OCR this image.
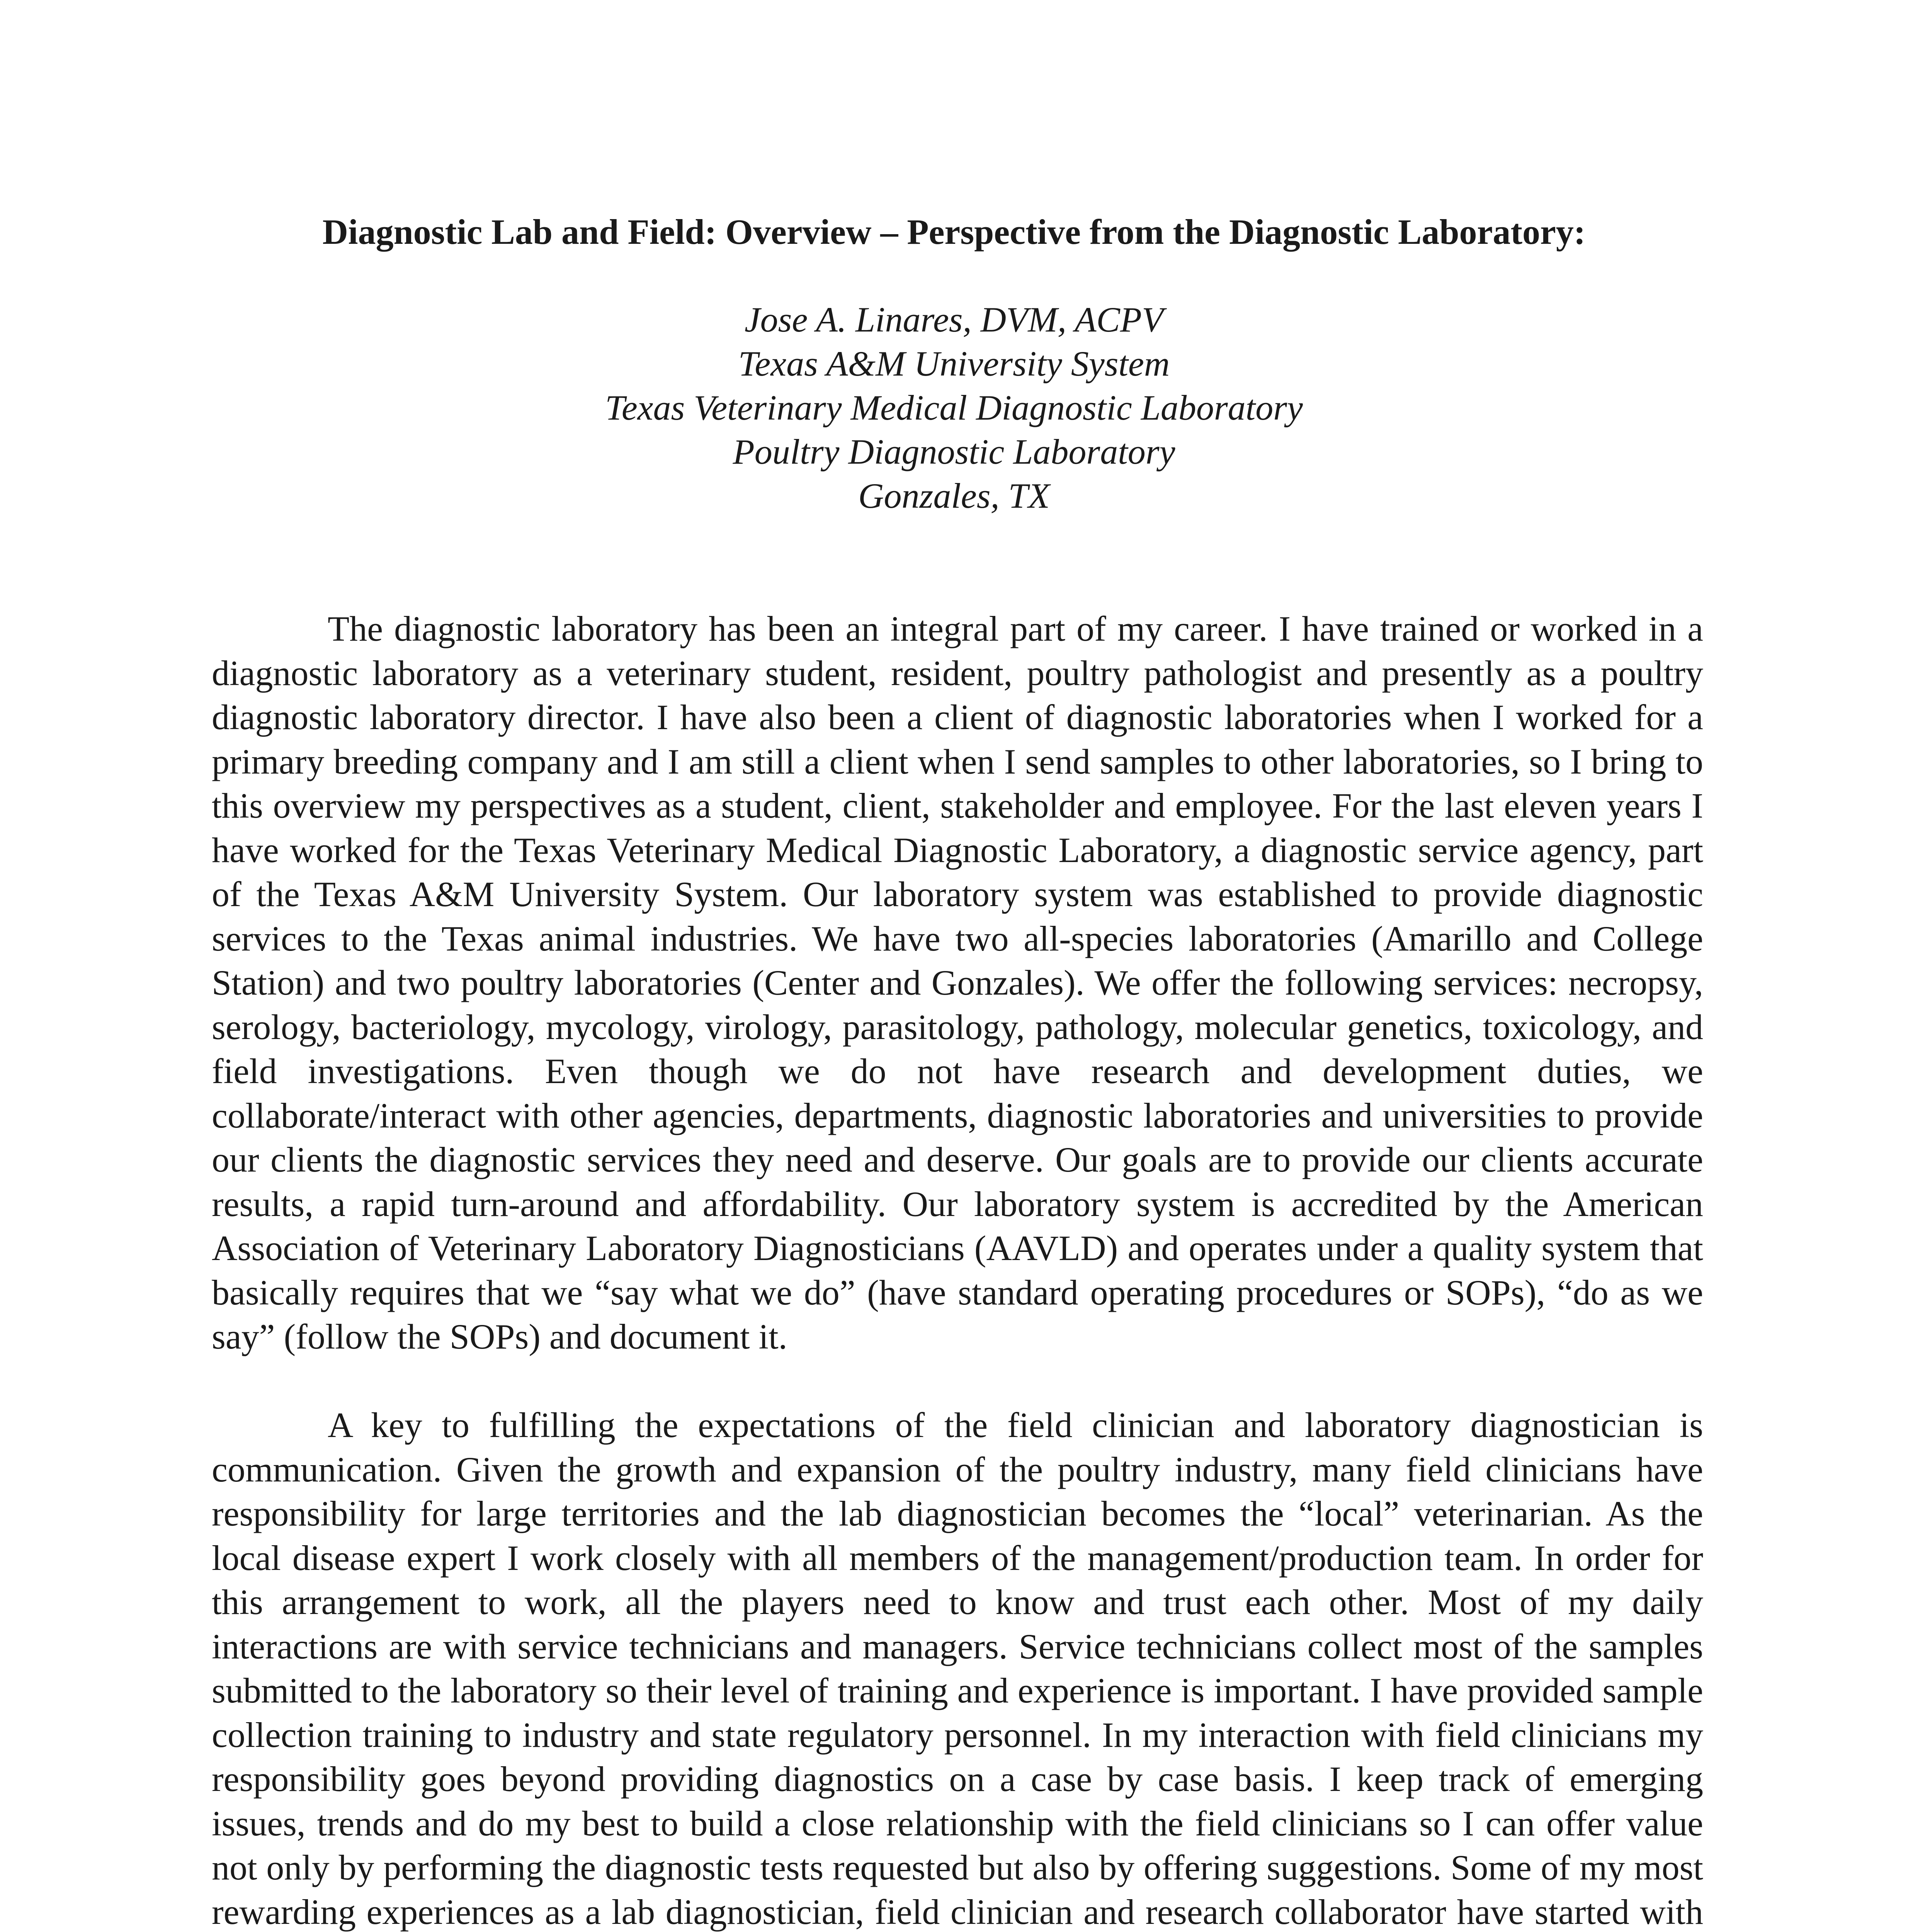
Diagnostic Lab and Field: Overview – Perspective from the Diagnostic Laboratory:
Jose A. Linares, DVM, ACPV
Texas A&M University System
Texas Veterinary Medical Diagnostic Laboratory
Poultry Diagnostic Laboratory
Gonzales, TX

The diagnostic laboratory has been an integral part of my career. I have trained or worked in a diagnostic laboratory as a veterinary student, resident, poultry pathologist and presently as a poultry diagnostic laboratory director. I have also been a client of diagnostic laboratories when I worked for a primary breeding company and I am still a client when I send samples to other laboratories, so I bring to this overview my perspectives as a student, client, stakeholder and employee. For the last eleven years I have worked for the Texas Veterinary Medical Diagnostic Laboratory, a diagnostic service agency, part of the Texas A&M University System. Our laboratory system was established to provide diagnostic services to the Texas animal industries. We have two all-species laboratories (Amarillo and College Station) and two poultry laboratories (Center and Gonzales). We offer the following services: necropsy, serology, bacteriology, mycology, virology, parasitology, pathology, molecular genetics, toxicology, and field investigations. Even though we do not have research and development duties, we collaborate/interact with other agencies, departments, diagnostic laboratories and universities to provide our clients the diagnostic services they need and deserve. Our goals are to provide our clients accurate results, a rapid turn-around and affordability. Our laboratory system is accredited by the American Association of Veterinary Laboratory Diagnosticians (AAVLD) and operates under a quality system that basically requires that we “say what we do” (have standard operating procedures or SOPs), “do as we say” (follow the SOPs) and document it.

A key to fulfilling the expectations of the field clinician and laboratory diagnostician is communication. Given the growth and expansion of the poultry industry, many field clinicians have responsibility for large territories and the lab diagnostician becomes the “local” veterinarian. As the local disease expert I work closely with all members of the management/production team. In order for this arrangement to work, all the players need to know and trust each other. Most of my daily interactions are with service technicians and managers. Service technicians collect most of the samples submitted to the laboratory so their level of training and experience is important. I have provided sample collection training to industry and state regulatory personnel. In my interaction with field clinicians my responsibility goes beyond providing diagnostics on a case by case basis. I keep track of emerging issues, trends and do my best to build a close relationship with the field clinicians so I can offer value not only by performing the diagnostic tests requested but also by offering suggestions. Some of my most rewarding experiences as a lab diagnostician, field clinician and research collaborator have started with
